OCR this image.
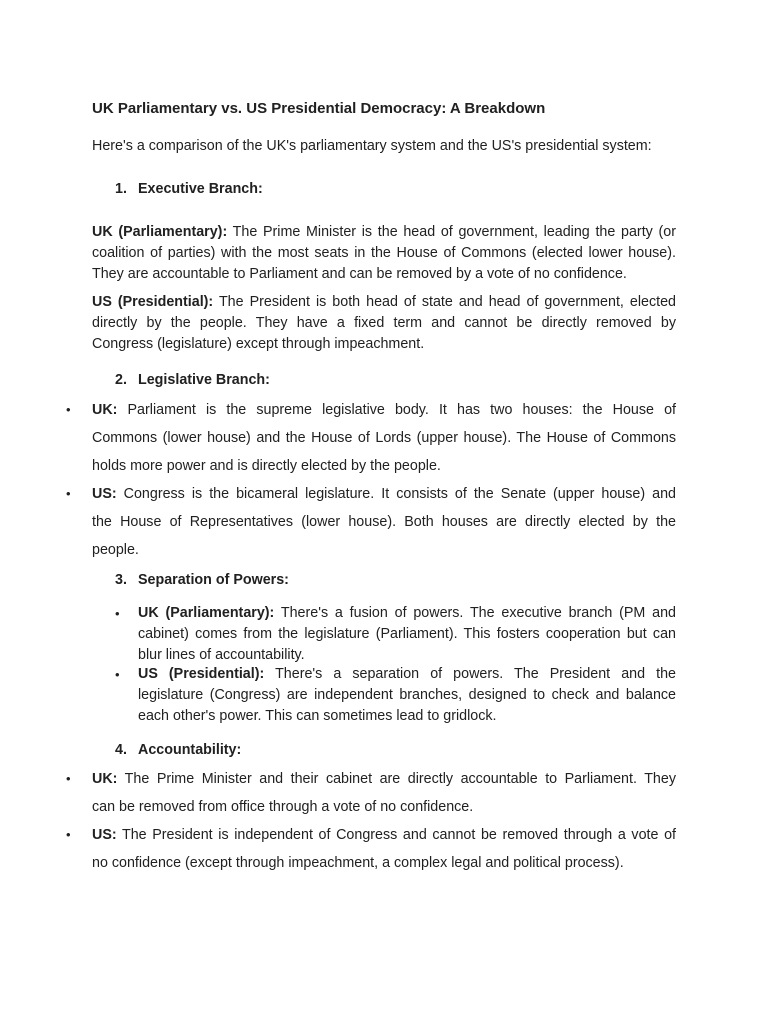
UK Parliamentary vs. US Presidential Democracy: A Breakdown

Here's a comparison of the UK's parliamentary system and the US's presidential system:

1. Executive Branch:
UK (Parliamentary): The Prime Minister is the head of government, leading the party (or
coalition of parties) with the most seats in the House of Commons (elected lower house).
They are accountable to Parliament and can be removed by a vote of no confidence.
US (Presidential): The President is both head of state and head of government, elected
directly by the people. They have a fixed term and cannot be directly removed by
Congress (legislature) except through impeachment.
2. Legislative Branch:
• UK: Parliament is the supreme legislative body. It has two houses: the House of
Commons (lower house) and the House of Lords (upper house). The House of Commons
holds more power and is directly elected by the people.
• US: Congress is the bicameral legislature. It consists of the Senate (upper house) and
the House of Representatives (lower house). Both houses are directly elected by the
people.
3. Separation of Powers:
• UK (Parliamentary): There's a fusion of powers. The executive branch (PM and
cabinet) comes from the legislature (Parliament). This fosters cooperation but can
blur lines of accountability.
• US (Presidential): There's a separation of powers. The President and the
legislature (Congress) are independent branches, designed to check and balance
each other's power. This can sometimes lead to gridlock.
4. Accountability:
• UK: The Prime Minister and their cabinet are directly accountable to Parliament. They
can be removed from office through a vote of no confidence.
• US: The President is independent of Congress and cannot be removed through a vote of
no confidence (except through impeachment, a complex legal and political process).
